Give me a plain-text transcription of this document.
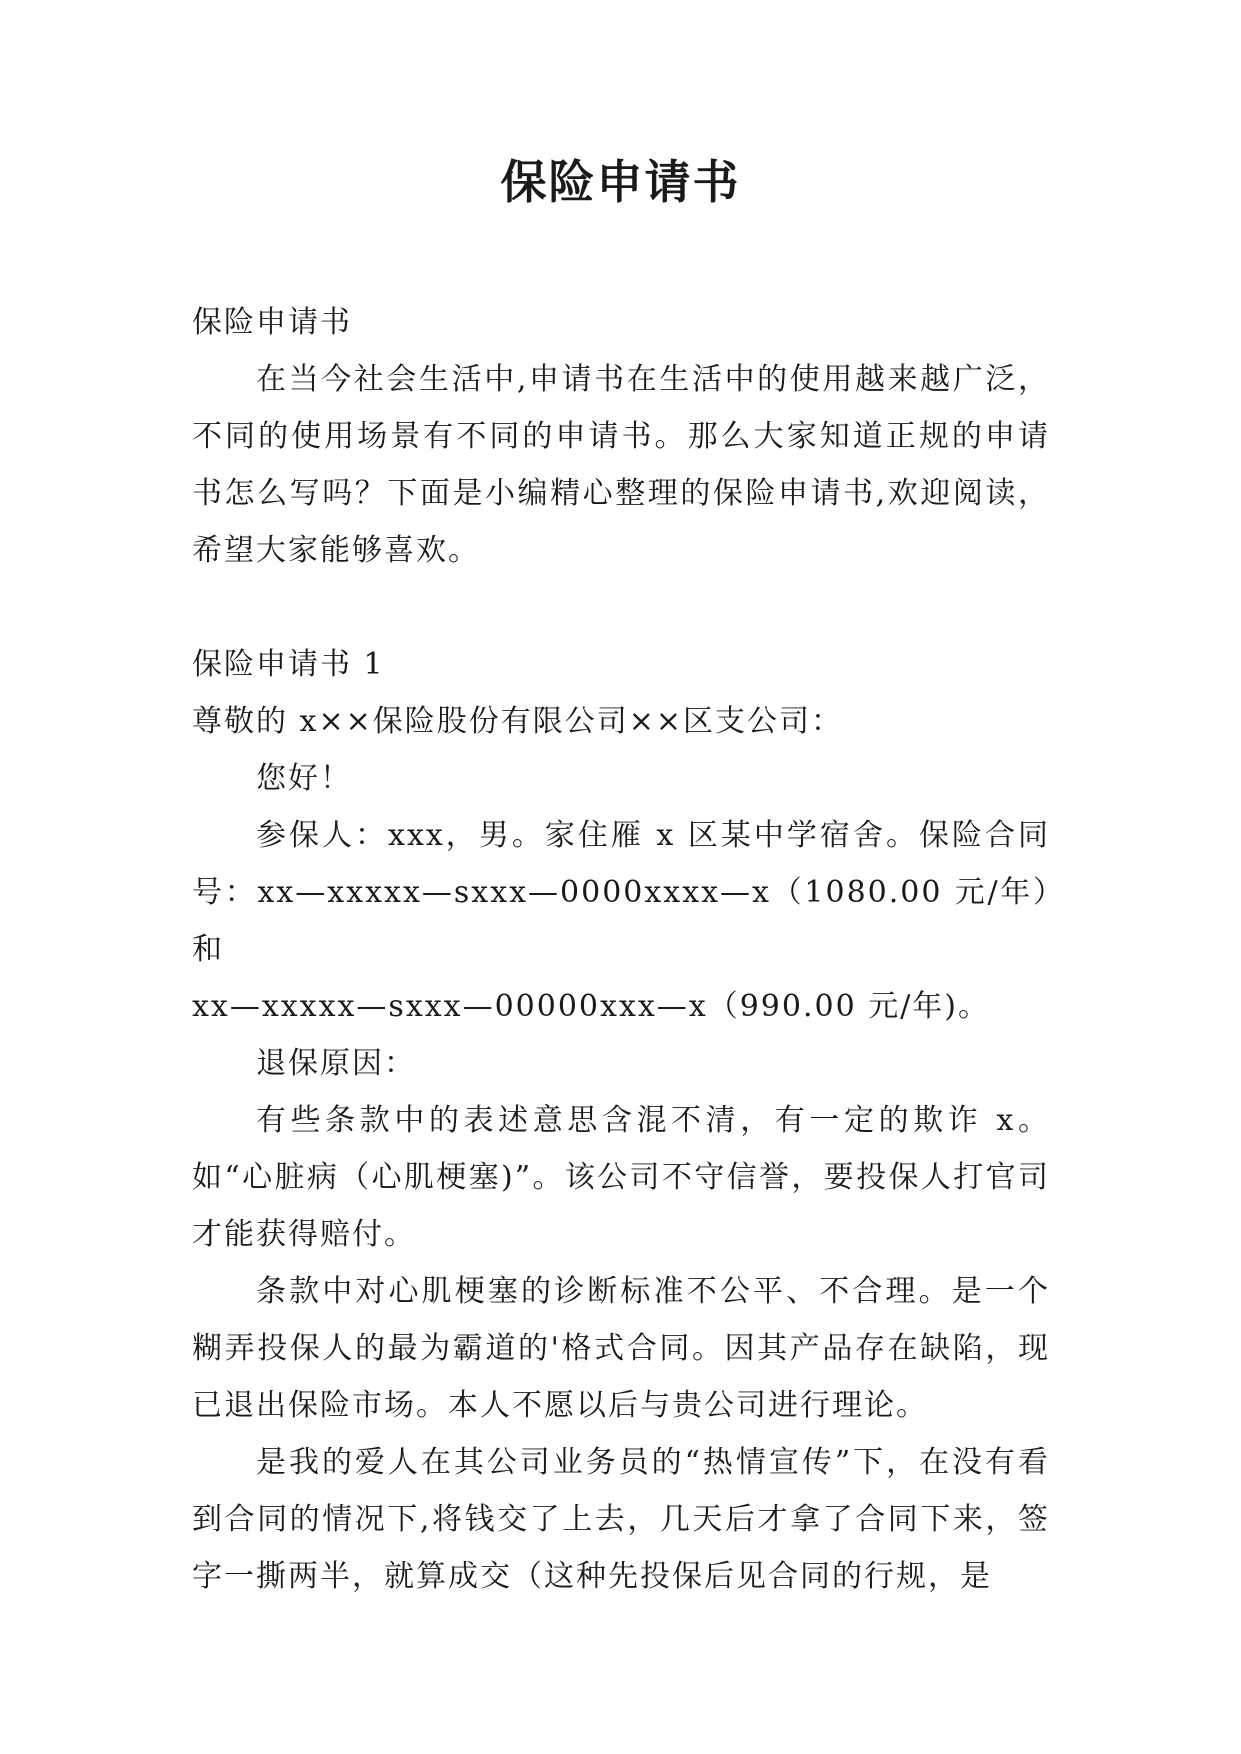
保险申请书

保险申请书

在当今社会生活中,申请书在生活中的使用越来越广泛，不同的使用场景有不同的申请书。那么大家知道正规的申请书怎么写吗？下面是小编精心整理的保险申请书,欢迎阅读，希望大家能够喜欢。

保险申请书 1

尊敬的 x××保险股份有限公司××区支公司：

您好！

参保人：xxx，男。家住雁 x 区某中学宿舍。保险合同号：xx—xxxxx—sxxx—0000xxxx—x（1080.00 元/年）和

xx—xxxxx—sxxx—00000xxx—x（990.00 元/年)。

退保原因：

有些条款中的表述意思含混不清，有一定的欺诈 x。如“心脏病（心肌梗塞)”。该公司不守信誉，要投保人打官司才能获得赔付。

条款中对心肌梗塞的诊断标准不公平、不合理。是一个糊弄投保人的最为霸道的'格式合同。因其产品存在缺陷，现已退出保险市场。本人不愿以后与贵公司进行理论。

是我的爱人在其公司业务员的“热情宣传”下，在没有看到合同的情况下,将钱交了上去，几天后才拿了合同下来，签字一撕两半，就算成交（这种先投保后见合同的行规，是
